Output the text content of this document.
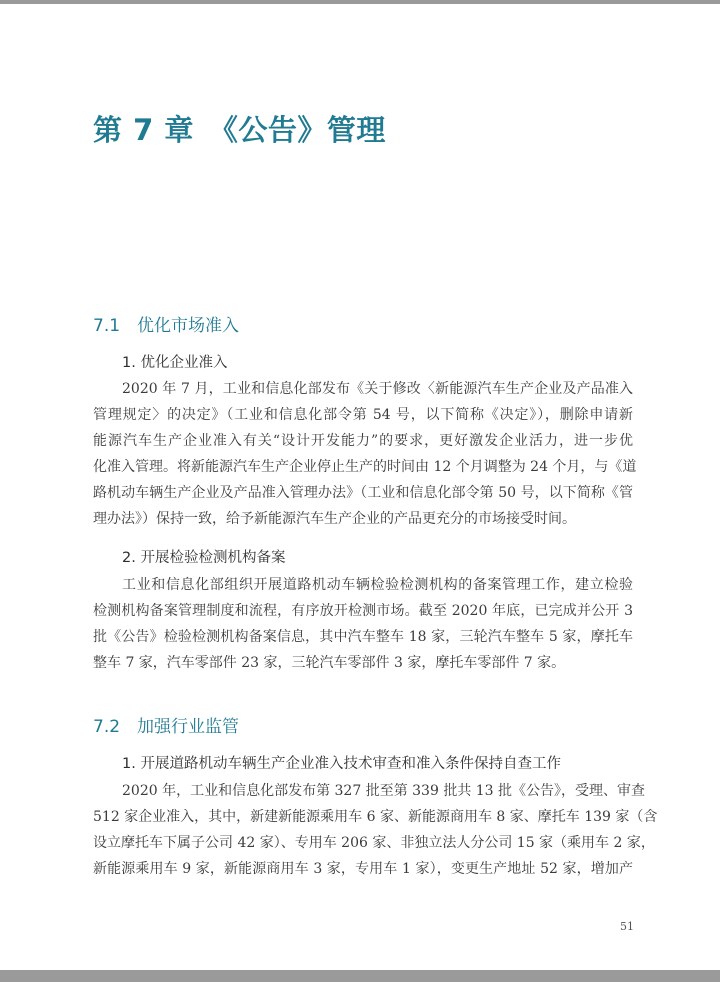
第 7 章　《公告》管理
7.1　优化市场准入
1. 优化企业准入
2020 年 7 月，工业和信息化部发布《关于修改〈新能源汽车生产企业及产品准入
管理规定〉的决定》（工业和信息化部令第 54 号，以下简称《决定》），删除申请新
能源汽车生产企业准入有关“设计开发能力”的要求，更好激发企业活力，进一步优
化准入管理。将新能源汽车生产企业停止生产的时间由 12 个月调整为 24 个月，与《道
路机动车辆生产企业及产品准入管理办法》（工业和信息化部令第 50 号，以下简称《管
理办法》）保持一致，给予新能源汽车生产企业的产品更充分的市场接受时间。
2. 开展检验检测机构备案
工业和信息化部组织开展道路机动车辆检验检测机构的备案管理工作，建立检验
检测机构备案管理制度和流程，有序放开检测市场。截至 2020 年底，已完成并公开 3
批《公告》检验检测机构备案信息，其中汽车整车 18 家，三轮汽车整车 5 家，摩托车
整车 7 家，汽车零部件 23 家，三轮汽车零部件 3 家，摩托车零部件 7 家。
7.2　加强行业监管
1. 开展道路机动车辆生产企业准入技术审查和准入条件保持自查工作
2020 年，工业和信息化部发布第 327 批至第 339 批共 13 批《公告》，受理、审查
512 家企业准入，其中，新建新能源乘用车 6 家、新能源商用车 8 家、摩托车 139 家（含
设立摩托车下属子公司 42 家）、专用车 206 家、非独立法人分公司 15 家（乘用车 2 家，
新能源乘用车 9 家，新能源商用车 3 家，专用车 1 家），变更生产地址 52 家，增加产
51
